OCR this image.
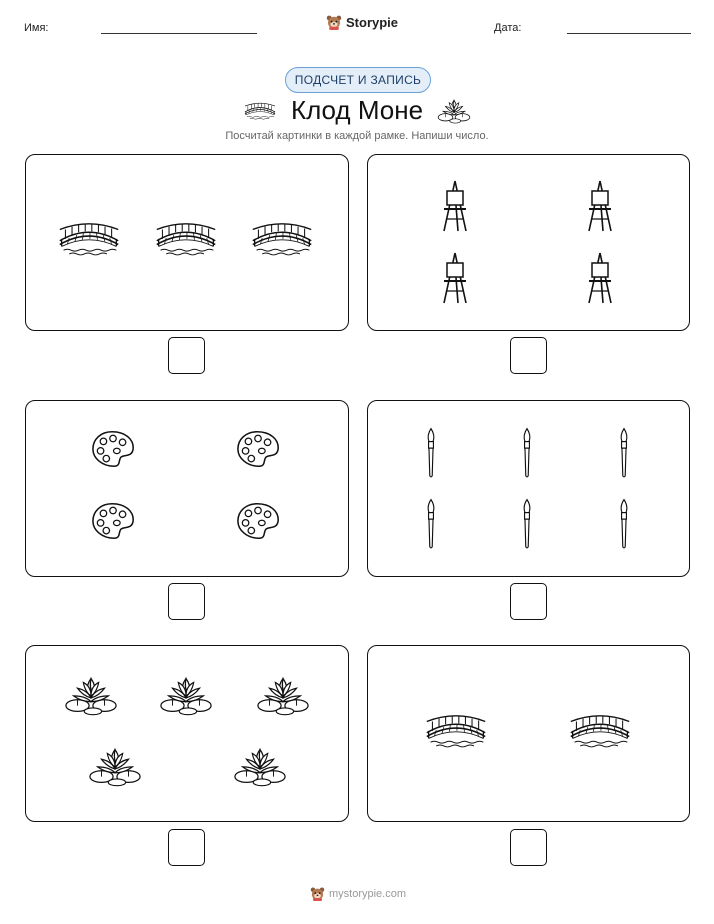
Имя:	Storypie	Дата:
ПОДСЧЕТ И ЗАПИСЬ
Клод Моне
Посчитай картинки в каждой рамке. Напиши число.
mystorypie.com
